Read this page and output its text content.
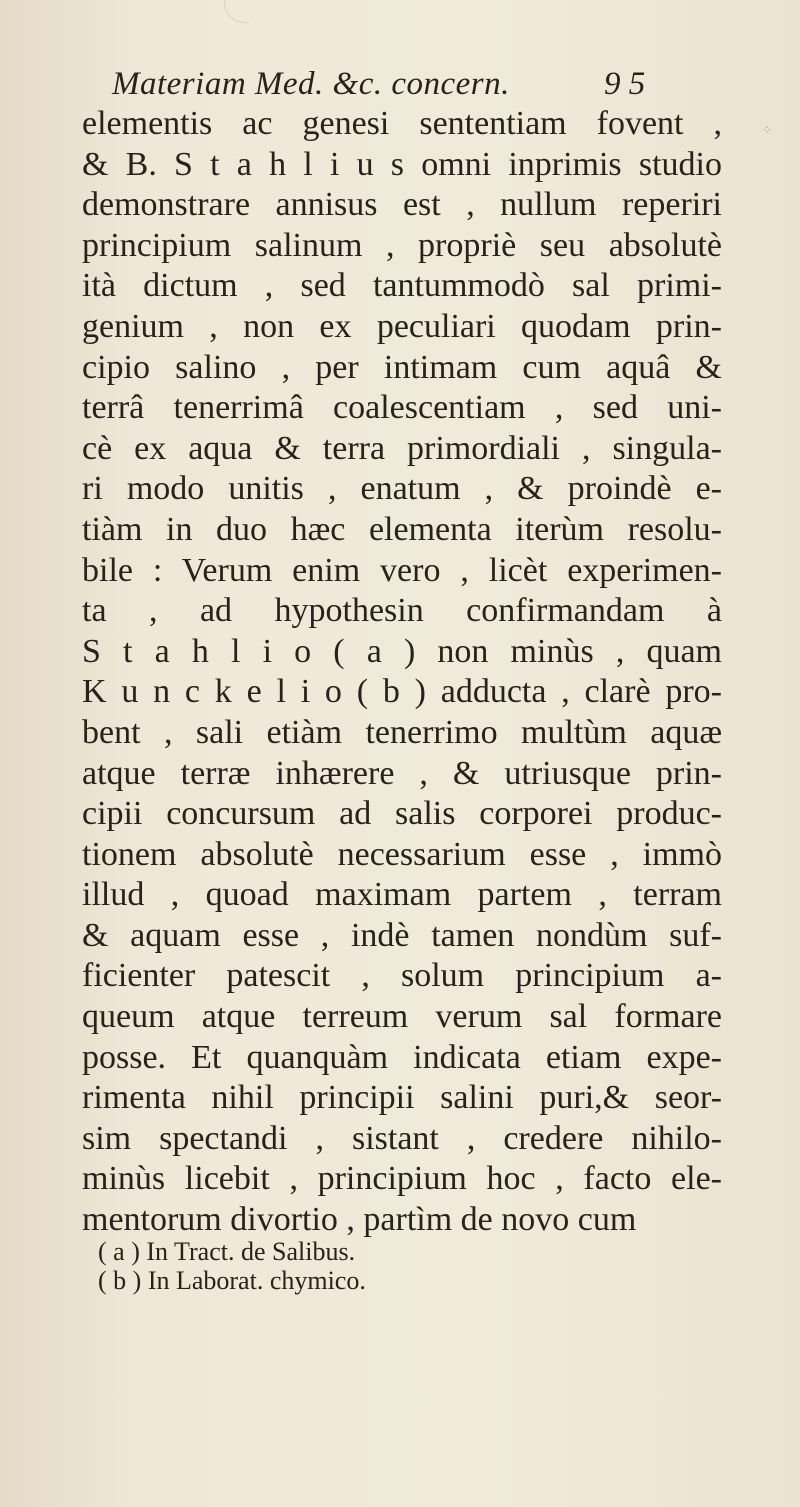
Materiam Med. &c. concern.	9 5
⁘
elementis ac genesi sententiam fovent ,
& B. S t a h l i u s omni inprimis studio
demonstrare annisus est , nullum reperiri
principium salinum , propriè seu absolutè
ità dictum , sed tantummodò sal primi-
genium , non ex peculiari quodam prin-
cipio salino , per intimam cum aquâ &
terrâ tenerrimâ coalescentiam , sed uni-
cè ex aqua & terra primordiali , singula-
ri modo unitis , enatum , & proindè e-
tiàm in duo hæc elementa iterùm resolu-
bile : Verum enim vero , licèt experimen-
ta , ad hypothesin confirmandam à
S t a h l i o ( a ) non minùs , quam
K u n c k e l i o ( b ) adducta , clarè pro-
bent , sali etiàm tenerrimo multùm aquæ
atque terræ inhærere , & utriusque prin-
cipii concursum ad salis corporei produc-
tionem absolutè necessarium esse , immò
illud , quoad maximam partem , terram
& aquam esse , indè tamen nondùm suf-
ficienter patescit , solum principium a-
queum atque terreum verum sal formare
posse. Et quanquàm indicata etiam expe-
rimenta nihil principii salini puri,& seor-
sim spectandi , sistant , credere nihilo-
minùs licebit , principium hoc , facto ele-
mentorum divortio , partìm de novo cum
( a ) In Tract. de Salibus.
( b ) In Laborat. chymico.
